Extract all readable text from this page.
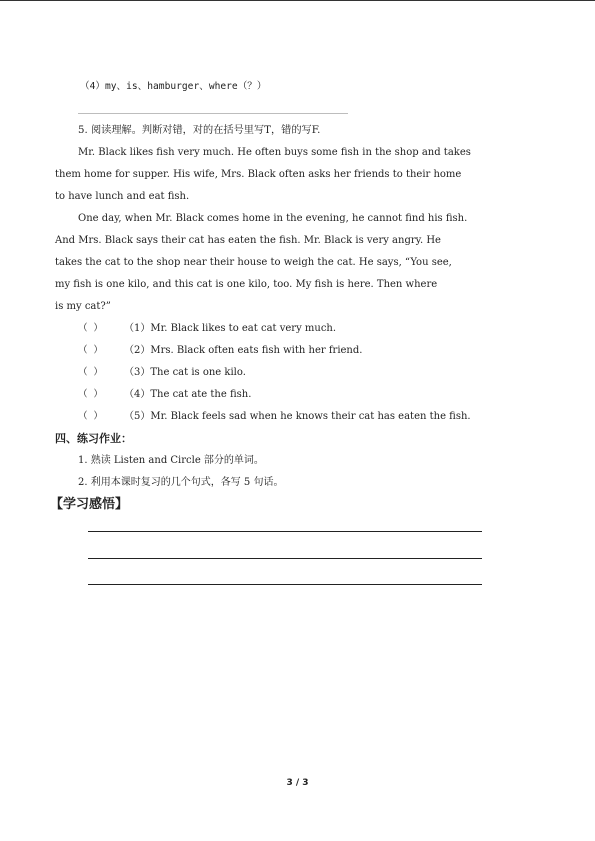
（4）my、is、hamburger、where（？）
5. 阅读理解。判断对错，对的在括号里写T，错的写F.
Mr. Black likes fish very much. He often buys some fish in the shop and takes
them home for supper. His wife, Mrs. Black often asks her friends to their home
to have lunch and eat fish.
One day, when Mr. Black comes home in the evening, he cannot find his fish.
And Mrs. Black says their cat has eaten the fish. Mr. Black is very angry. He
takes the cat to the shop near their house to weigh the cat. He says, “You see,
my fish is one kilo, and this cat is one kilo, too. My fish is here. Then where
is my cat?”
（ ） （1）Mr. Black likes to eat cat very much.
（ ） （2）Mrs. Black often eats fish with her friend.
（ ） （3）The cat is one kilo.
（ ） （4）The cat ate the fish.
（ ） （5）Mr. Black feels sad when he knows their cat has eaten the fish.
四、练习作业：
1. 熟读 Listen and Circle 部分的单词。
2. 利用本课时复习的几个句式，各写 5 句话。
【学习感悟】
3 / 3
